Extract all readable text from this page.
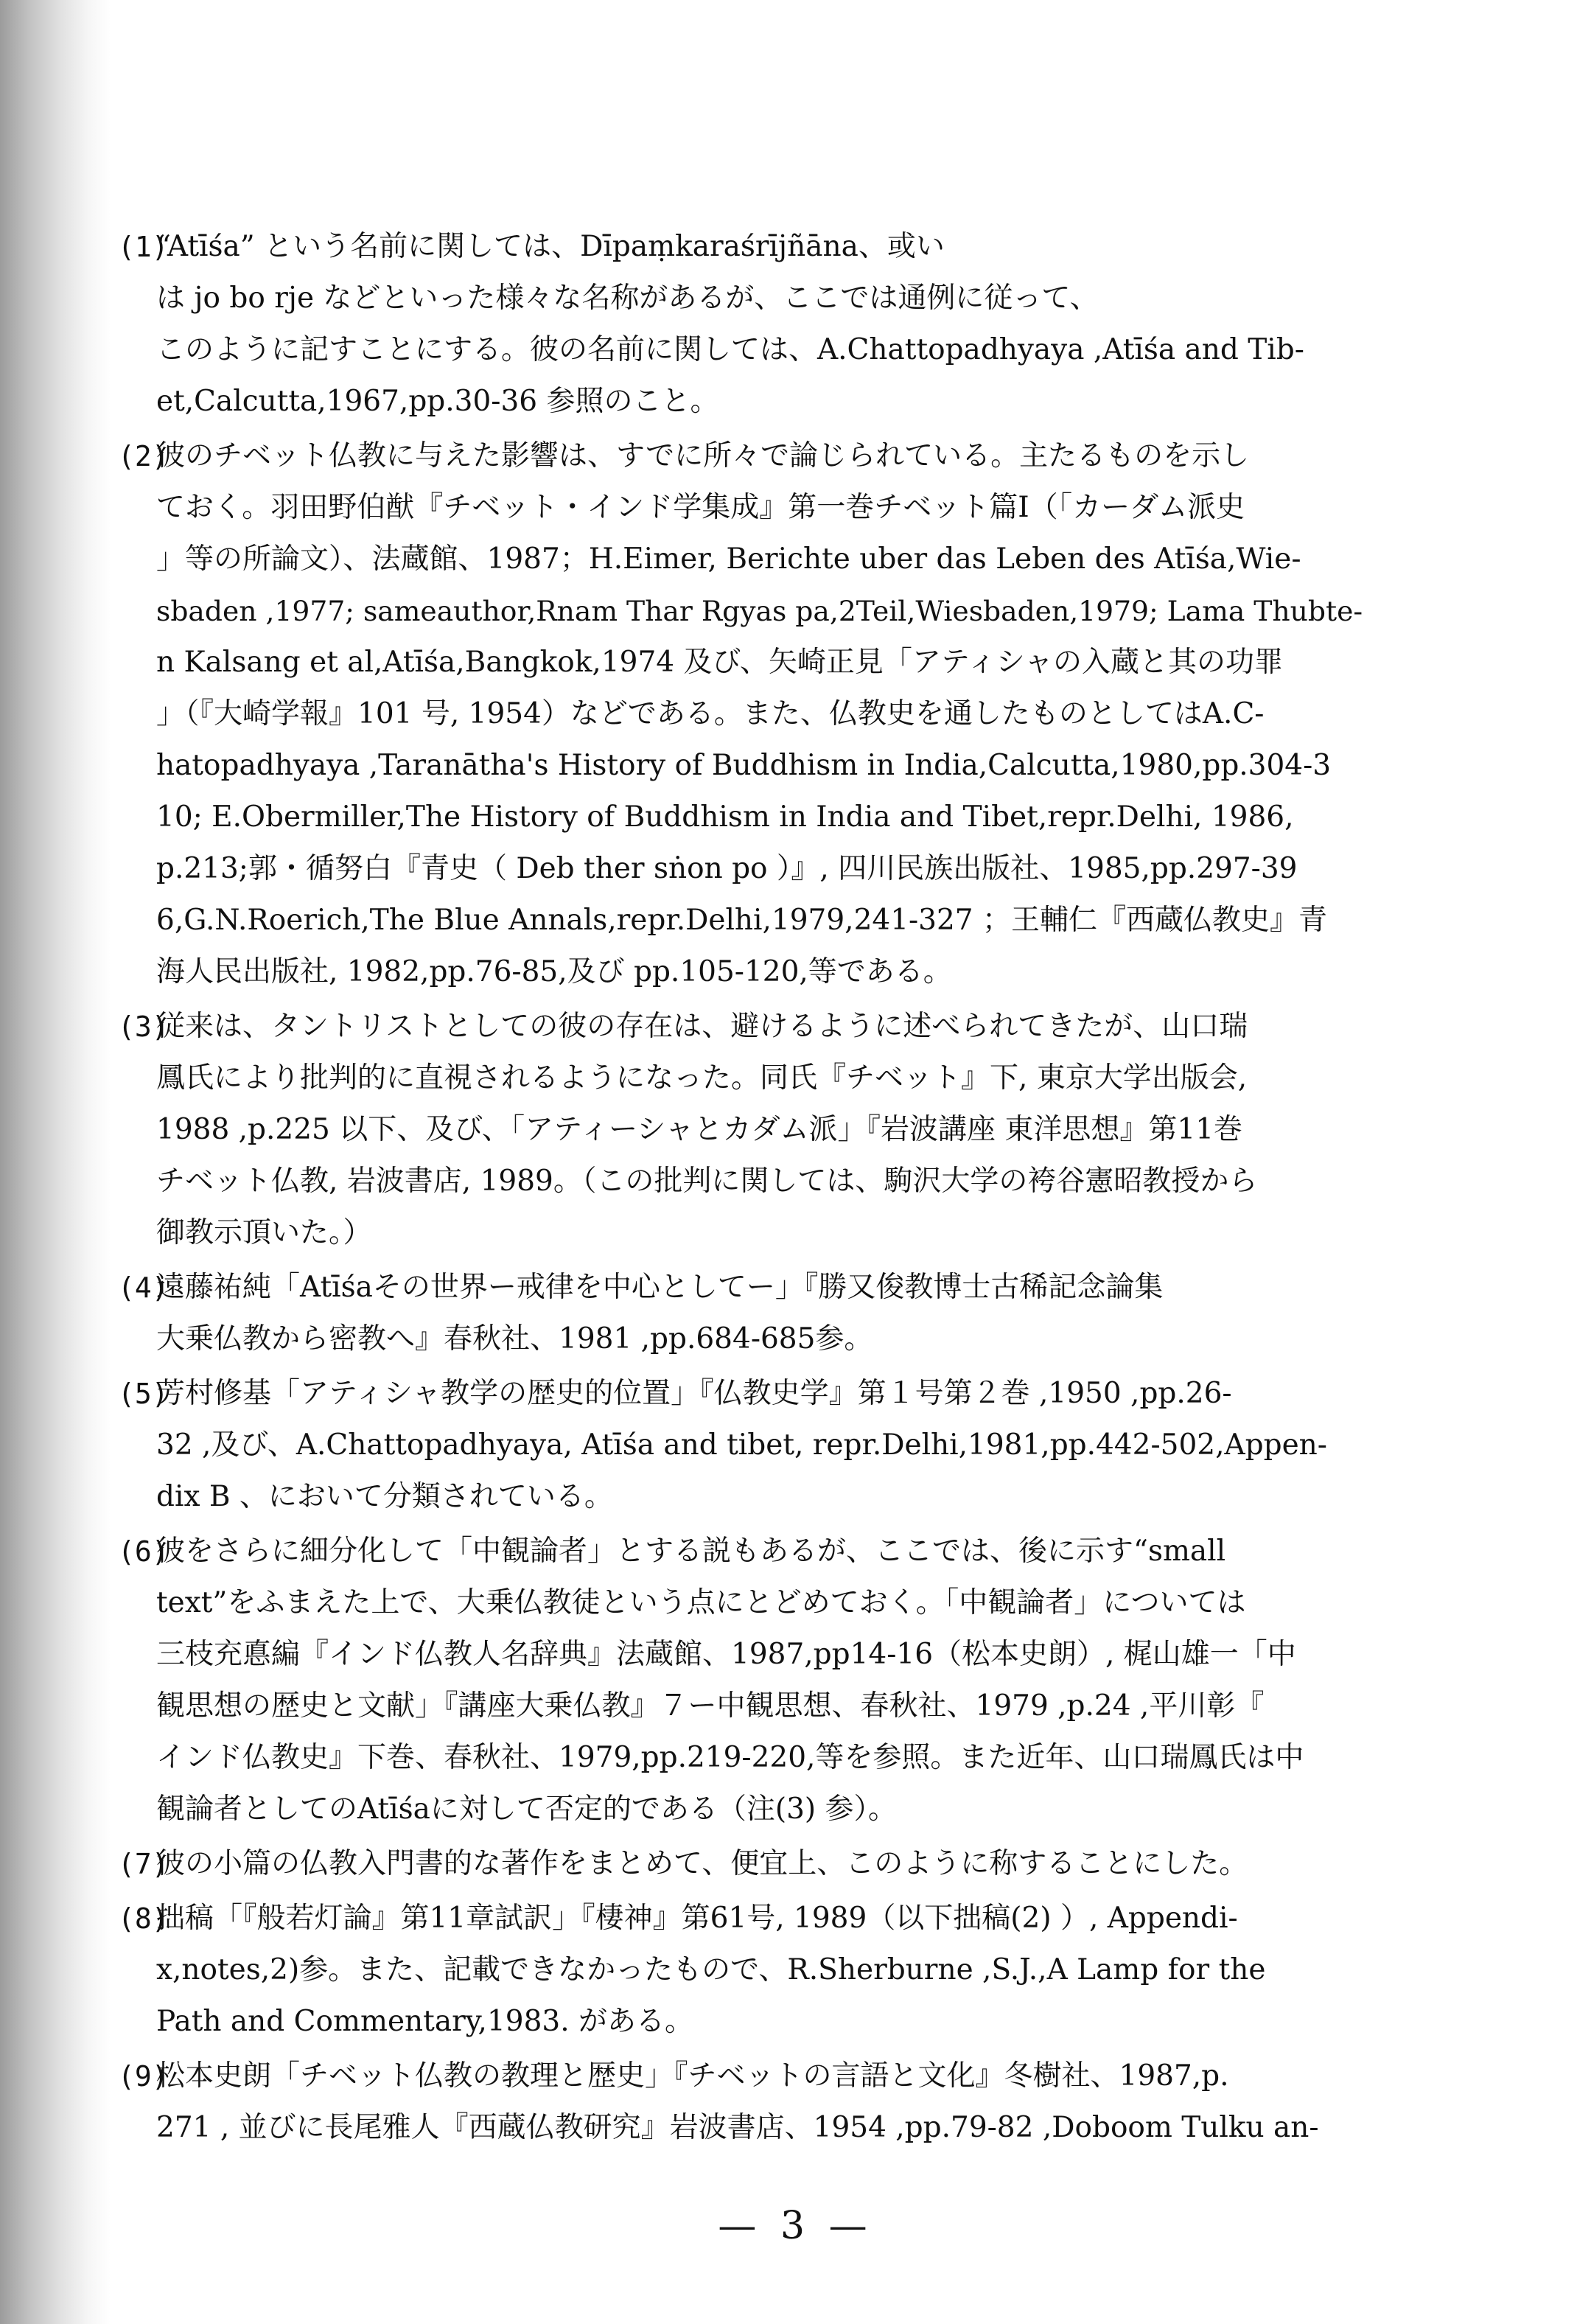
(1)
“Atīśa” という名前に関しては、Dīpaṃkaraśrījñāna、或い
は jo bo rje などといった様々な名称があるが、ここでは通例に従って、
このように記すことにする。彼の名前に関しては、A.Chattopadhyaya ,Atīśa and Tib-
et,Calcutta,1967,pp.30-36 参照のこと。
(2)
彼のチベット仏教に与えた影響は、すでに所々で論じられている。主たるものを示し
ておく。羽田野伯猷『チベット・インド学集成』第一巻チベット篇Ⅰ（「カーダム派史
」等の所論文）、法蔵館、1987；H.Eimer, Berichte uber das Leben des Atīśa,Wie-
sbaden ,1977; sameauthor,Rnam Thar Rgyas pa,2Teil,Wiesbaden,1979; Lama Thubte-
n Kalsang et al,Atīśa,Bangkok,1974 及び、矢崎正見「アティシャの入蔵と其の功罪
」（『大崎学報』101 号, 1954）などである。また、仏教史を通したものとしてはA.C-
hatopadhyaya ,Taranātha's History of Buddhism in India,Calcutta,1980,pp.304-3
10; E.Obermiller,The History of Buddhism in India and Tibet,repr.Delhi, 1986,
p.213;郭・循努白『青史（ Deb ther sṅon po ）』, 四川民族出版社、1985,pp.297-39
6,G.N.Roerich,The Blue Annals,repr.Delhi,1979,241-327 ；王輔仁『西蔵仏教史』青
海人民出版社, 1982,pp.76-85,及び pp.105-120,等である。
(3)
従来は、タントリストとしての彼の存在は、避けるように述べられてきたが、山口瑞
鳳氏により批判的に直視されるようになった。同氏『チベット』下, 東京大学出版会,
1988 ,p.225 以下、及び、「アティーシャとカダム派」『岩波講座 東洋思想』第11巻
チベット仏教, 岩波書店, 1989。（この批判に関しては、駒沢大学の袴谷憲昭教授から
御教示頂いた。）
(4)
遠藤祐純「Atīśaその世界ー戒律を中心としてー」『勝又俊教博士古稀記念論集
大乗仏教から密教へ』春秋社、1981 ,pp.684-685参。
(5)
芳村修基「アティシャ教学の歴史的位置」『仏教史学』第１号第２巻 ,1950 ,pp.26-
32 ,及び、A.Chattopadhyaya, Atīśa and tibet, repr.Delhi,1981,pp.442-502,Appen-
dix B 、において分類されている。
(6)
彼をさらに細分化して「中観論者」とする説もあるが、ここでは、後に示す“small
text”をふまえた上で、大乗仏教徒という点にとどめておく。「中観論者」については
三枝充悳編『インド仏教人名辞典』法蔵館、1987,pp14-16（松本史朗）, 梶山雄一「中
観思想の歴史と文献」『講座大乗仏教』７ー中観思想、春秋社、1979 ,p.24 ,平川彰『
インド仏教史』下巻、春秋社、1979,pp.219-220,等を参照。また近年、山口瑞鳳氏は中
観論者としてのAtīśaに対して否定的である（注(3) 参）。
(7)
彼の小篇の仏教入門書的な著作をまとめて、便宜上、このように称することにした。
(8)
拙稿「『般若灯論』第11章試訳」『棲神』第61号, 1989（以下拙稿(2) ）, Appendi-
x,notes,2)参。また、記載できなかったもので、R.Sherburne ,S.J.,A Lamp for the
Path and Commentary,1983. がある。
(9)
松本史朗「チベット仏教の教理と歴史」『チベットの言語と文化』冬樹社、1987,p.
271 , 並びに長尾雅人『西蔵仏教研究』岩波書店、1954 ,pp.79-82 ,Doboom Tulku an-
— 3 —
